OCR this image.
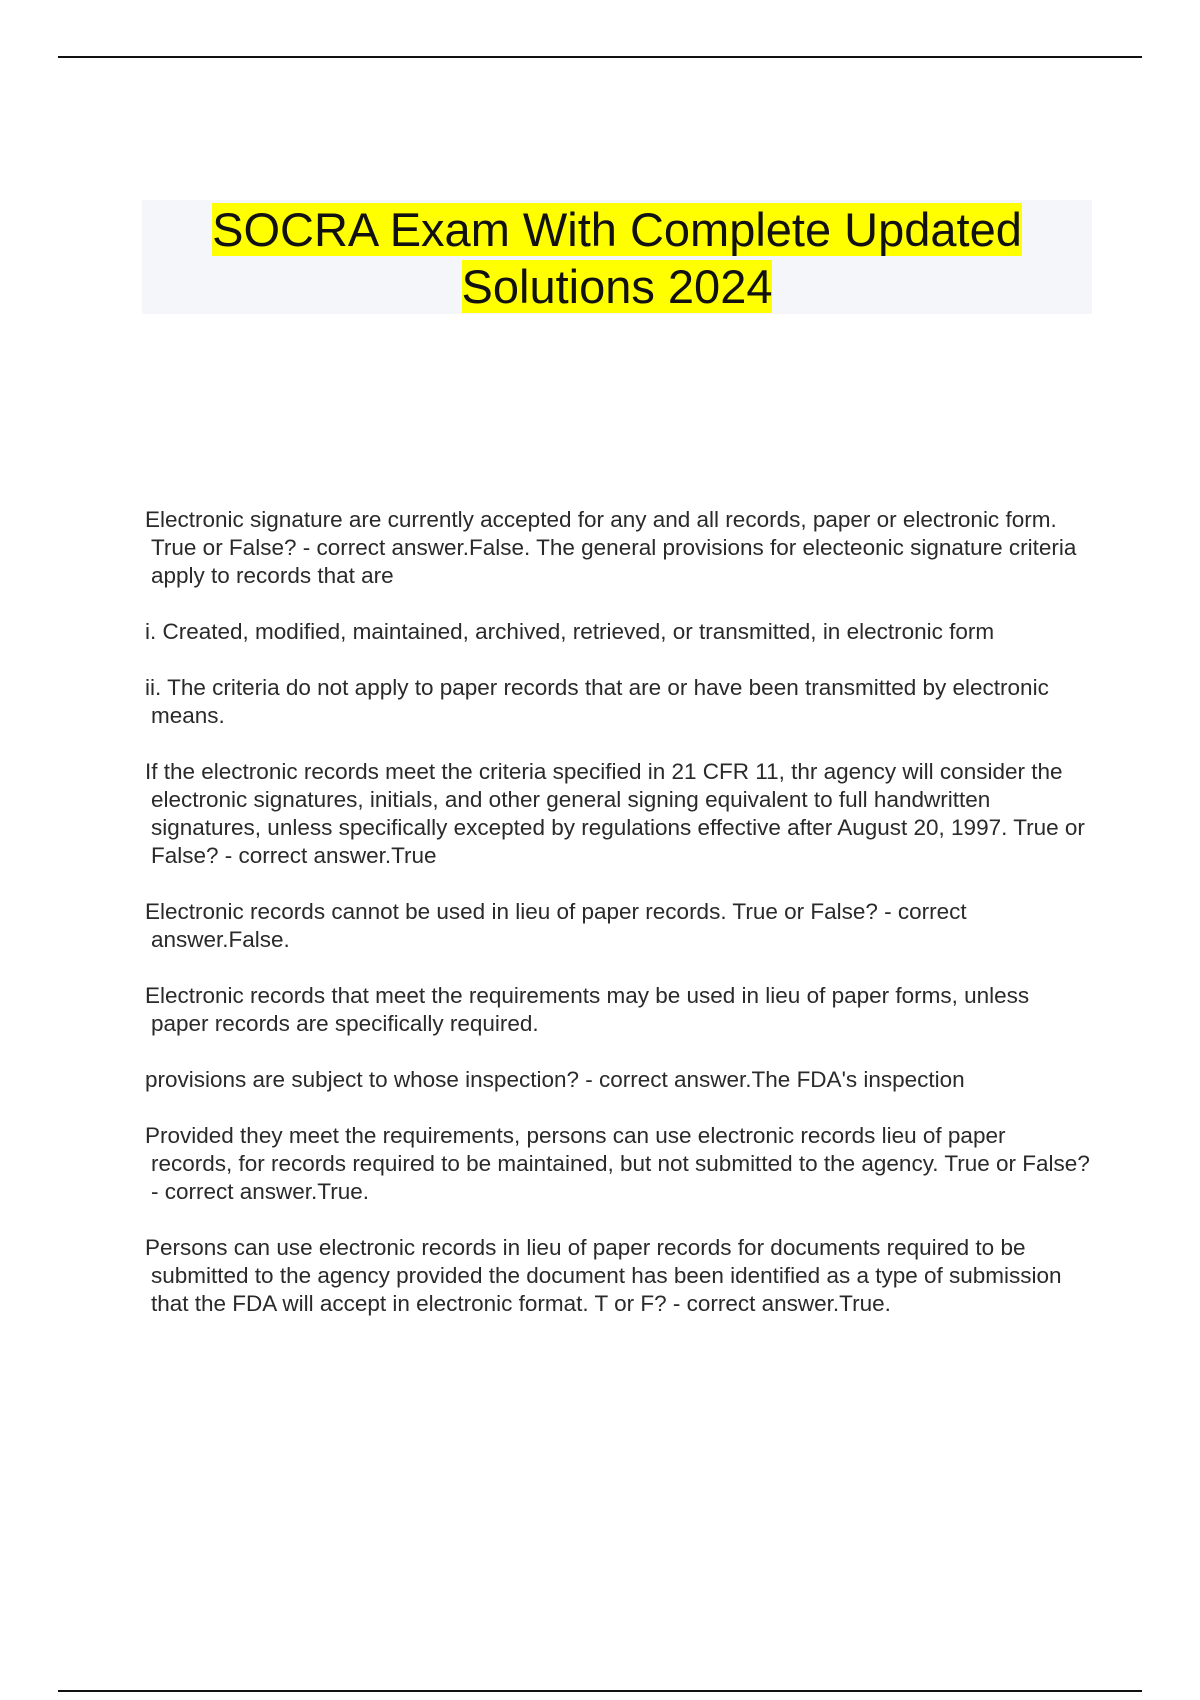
SOCRA Exam With Complete Updated Solutions 2024

Electronic signature are currently accepted for any and all records, paper or electronic form. True or False? - correct answer.False. The general provisions for electeonic signature criteria apply to records that are

i. Created, modified, maintained, archived, retrieved, or transmitted, in electronic form

ii. The criteria do not apply to paper records that are or have been transmitted by electronic means.

If the electronic records meet the criteria specified in 21 CFR 11, thr agency will consider the electronic signatures, initials, and other general signing equivalent to full handwritten signatures, unless specifically excepted by regulations effective after August 20, 1997. True or False? - correct answer.True

Electronic records cannot be used in lieu of paper records. True or False? - correct answer.False.

Electronic records that meet the requirements may be used in lieu of paper forms, unless paper records are specifically required.

provisions are subject to whose inspection? - correct answer.The FDA's inspection

Provided they meet the requirements, persons can use electronic records lieu of paper records, for records required to be maintained, but not submitted to the agency. True or False? - correct answer.True.

Persons can use electronic records in lieu of paper records for documents required to be submitted to the agency provided the document has been identified as a type of submission that the FDA will accept in electronic format. T or F? - correct answer.True.
